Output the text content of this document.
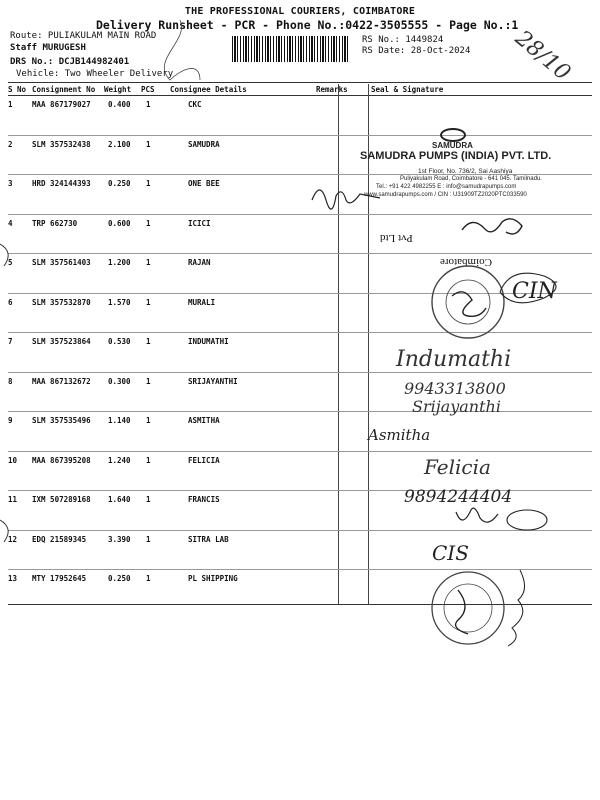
THE PROFESSIONAL COURIERS, COIMBATORE
Delivery Runsheet - PCR - Phone No.:0422-3505555 - Page No.:1
Route: PULIAKULAM MAIN ROAD
Staff MURUGESH
DRS No.: DCJB144982401
Vehicle: Two Wheeler Delivery
RS No.: 1449824
RS Date: 28-Oct-2024
S No Consignment No Weight PCS Consignee Details	Remarks	Seal & Signature
1	MAA 867179027 0.400 1	CKC
2	SLM 357532438 2.100 1	SAMUDRA
3	HRD 324144393 0.250 1	ONE BEE
4	TRP 662730	0.600 1	ICICI
5	SLM 357561403 1.200 1	RAJAN
6	SLM 357532870 1.570 1	MURALI
7	SLM 357523864 0.530 1	INDUMATHI
8	MAA 867132672 0.300 1	SRIJAYANTHI
9	SLM 357535496 1.140 1	ASMITHA
10 MAA 867395208 1.240 1	FELICIA
11 IXM 507289168 1.640 1	FRANCIS
12 EDQ 21589345	3.390 1	SITRA LAB
13 MTY 17952645	0.250 1	PL SHIPPING
SAMUDRA
SAMUDRA PUMPS (INDIA) PVT. LTD.
1st Floor, No. 736/2, Sai Aashiya
Puliyakulam Road, Coimbatore - 641 045. Tamilnadu.
Tel.: +91 422 4982255 E : info@samudrapumps.com
www.samudrapumps.com / CIN : U31909TZ2020PTC033590
Pvt Ltd
Coimbatore
28/10
CIN
Indumathi
9943313800
Srijayanthi
Asmitha
Felicia
9894244404
CIS
